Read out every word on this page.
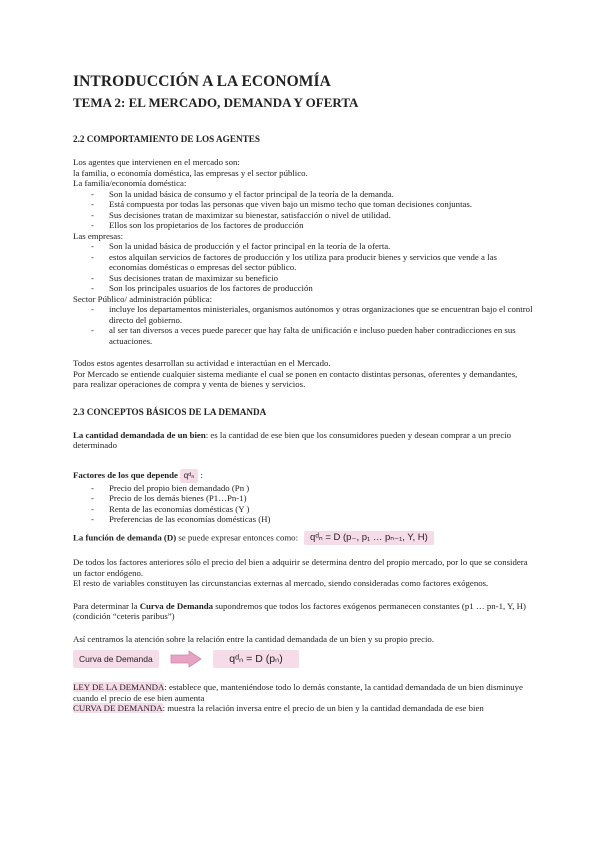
INTRODUCCIÓN A LA ECONOMÍA
TEMA 2: EL MERCADO, DEMANDA Y OFERTA
2.2 COMPORTAMIENTO DE LOS AGENTES

Los agentes que intervienen en el mercado son:

la familia, o economía doméstica, las empresas y el sector público.

La familia/economía doméstica:

- Son la unidad básica de consumo y el factor principal de la teoría de la demanda.
- Está compuesta por todas las personas que viven bajo un mismo techo que toman decisiones conjuntas.
- Sus decisiones tratan de maximizar su bienestar, satisfacción o nivel de utilidad.
- Ellos son los propietarios de los factores de producción

Las empresas:

- Son la unidad básica de producción y el factor principal en la teoría de la oferta.
- estos alquilan servicios de factores de producción y los utiliza para producir bienes y servicios que vende a las economías domésticas o empresas del sector público.
- Sus decisiones tratan de maximizar su beneficio
- Son los principales usuarios de los factores de producción

Sector Público/ administración pública:

- incluye los departamentos ministeriales, organismos autónomos y otras organizaciones que se encuentran bajo el control directo del gobierno.
- al ser tan diversos a veces puede parecer que hay falta de unificación e incluso pueden haber contradicciones en sus actuaciones.

Todos estos agentes desarrollan su actividad e interactúan en el Mercado.

Por Mercado se entiende cualquier sistema mediante el cual se ponen en contacto distintas personas, oferentes y demandantes, para realizar operaciones de compra y venta de bienes y servicios.

2.3 CONCEPTOS BÁSICOS DE LA DEMANDA

La cantidad demandada de un bien: es la cantidad de ese bien que los consumidores pueden y desean comprar a un precio determinado

Factores de los que depende qᵈₙ :

- Precio del propio bien demandado (Pn )
- Precio de los demás bienes (P1…Pn-1)
- Renta de las economías domésticas (Y )
- Preferencias de las economías domésticas (H)

La función de demanda (D) se puede expresar entonces como: qᵈₙ = D (p₋, p₁ … pₙ₋₁, Y, H)

De todos los factores anteriores sólo el precio del bien a adquirir se determina dentro del propio mercado, por lo que se considera un factor endógeno.

El resto de variables constituyen las circunstancias externas al mercado, siendo consideradas como factores exógenos.

Para determinar la Curva de Demanda supondremos que todos los factores exógenos permanecen constantes (p1 … pn-1, Y, H)

(condición “ceteris paribus”)

Así centramos la atención sobre la relación entre la cantidad demandada de un bien y su propio precio.

Curva de Demanda	qᵈₙ = D (pₙ)

LEY DE LA DEMANDA: establece que, manteniéndose todo lo demás constante, la cantidad demandada de un bien disminuye cuando el precio de ese bien aumenta

CURVA DE DEMANDA: muestra la relación inversa entre el precio de un bien y la cantidad demandada de ese bien
